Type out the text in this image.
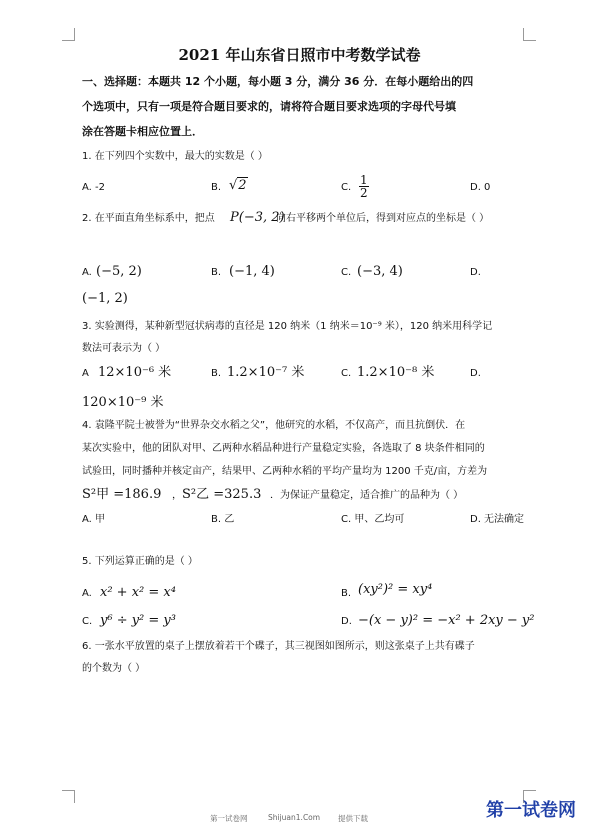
2021 年山东省日照市中考数学试卷
一、选择题：本题共 12 个小题，每小题 3 分，满分 36 分．在每小题给出的四
个选项中，只有一项是符合题目要求的，请将符合题目要求选项的字母代号填
涂在答题卡相应位置上．
1. 在下列四个实数中，最大的实数是（ ）
A. -2	B. √2	C. $\frac{1}{2}$	D. 0
2. 在平面直角坐标系中，把点 P(−3, 2)
向右平移两个单位后，得到对应点的坐标是（ ）
A. (−5, 2)	B. (−1, 4)	C. (−3, 4)	D.
(−1, 2)
3. 实验测得，某种新型冠状病毒的直径是 120 纳米（1 纳米＝10⁻⁹ 米），120 纳米用科学记
数法可表示为（ ）
A 12×10⁻⁶ 米	B. 1.2×10⁻⁷ 米	C. 1.2×10⁻⁸ 米	D.
120×10⁻⁹ 米
4. 袁隆平院士被誉为“世界杂交水稻之父”，他研究的水稻，不仅高产，而且抗倒伏．在
某次实验中，他的团队对甲、乙两种水稻品种进行产量稳定实验，各选取了 8 块条件相同的
试验田，同时播种并核定亩产，结果甲、乙两种水稻的平均产量均为 1200 千克/亩，方差为
S²甲 =186.9 ， S²乙 =325.3 ．为保证产量稳定，适合推广的品种为（ ）
A. 甲	B. 乙	C. 甲、乙均可	D. 无法确定
5. 下列运算正确的是（ ）
A. x² + x² = x⁴	B. (xy²)² = xy⁴
C. y⁶ ÷ y² = y³	D. −(x − y)² = −x² + 2xy − y²
6. 一张水平放置的桌子上摆放着若干个碟子，其三视图如图所示，则这张桌子上共有碟子
的个数为（ ）
第一试卷网	Shijuan1.Com 提供下载	第一试卷网
